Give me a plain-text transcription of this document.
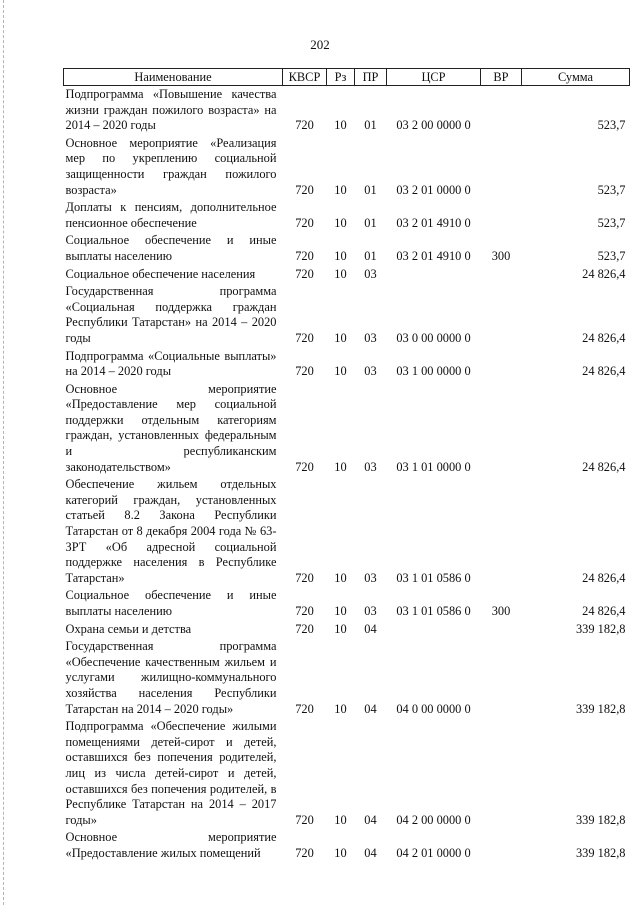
202
Наименование	КВСР	Рз	ПР	ЦСР	ВР	Сумма
Подпрограмма «Повышение качества жизни граждан пожилого возраста» на 2014 – 2020 годы	720	10	01	03 2 00 0000 0		523,7
Основное мероприятие «Реализация мер по укреплению социальной защищенности граждан пожилого возраста»	720	10	01	03 2 01 0000 0		523,7
Доплаты к пенсиям, дополнительное пенсионное обеспечение	720	10	01	03 2 01 4910 0		523,7
Социальное обеспечение и иные выплаты населению	720	10	01	03 2 01 4910 0	300	523,7
Социальное обеспечение населения	720	10	03			24 826,4
Государственная программа «Социальная поддержка граждан Республики Татарстан» на 2014 – 2020 годы	720	10	03	03 0 00 0000 0		24 826,4
Подпрограмма «Социальные выплаты» на 2014 – 2020 годы	720	10	03	03 1 00 0000 0		24 826,4
Основное мероприятие «Предоставление мер социальной поддержки отдельным категориям граждан, установленных федеральным и республиканским законодательством»	720	10	03	03 1 01 0000 0		24 826,4
Обеспечение жильем отдельных категорий граждан, установленных статьей 8.2 Закона Республики Татарстан от 8 декабря 2004 года № 63-ЗРТ «Об адресной социальной поддержке населения в Республике Татарстан»	720	10	03	03 1 01 0586 0		24 826,4
Социальное обеспечение и иные выплаты населению	720	10	03	03 1 01 0586 0	300	24 826,4
Охрана семьи и детства	720	10	04			339 182,8
Государственная программа «Обеспечение качественным жильем и услугами жилищно-коммунального хозяйства населения Республики Татарстан на 2014 – 2020 годы»	720	10	04	04 0 00 0000 0		339 182,8
Подпрограмма «Обеспечение жилыми помещениями детей-сирот и детей, оставшихся без попечения родителей, лиц из числа детей-сирот и детей, оставшихся без попечения родителей, в Республике Татарстан на 2014 – 2017 годы»	720	10	04	04 2 00 0000 0		339 182,8
Основное мероприятие «Предоставление жилых помещений	720	10	04	04 2 01 0000 0		339 182,8
